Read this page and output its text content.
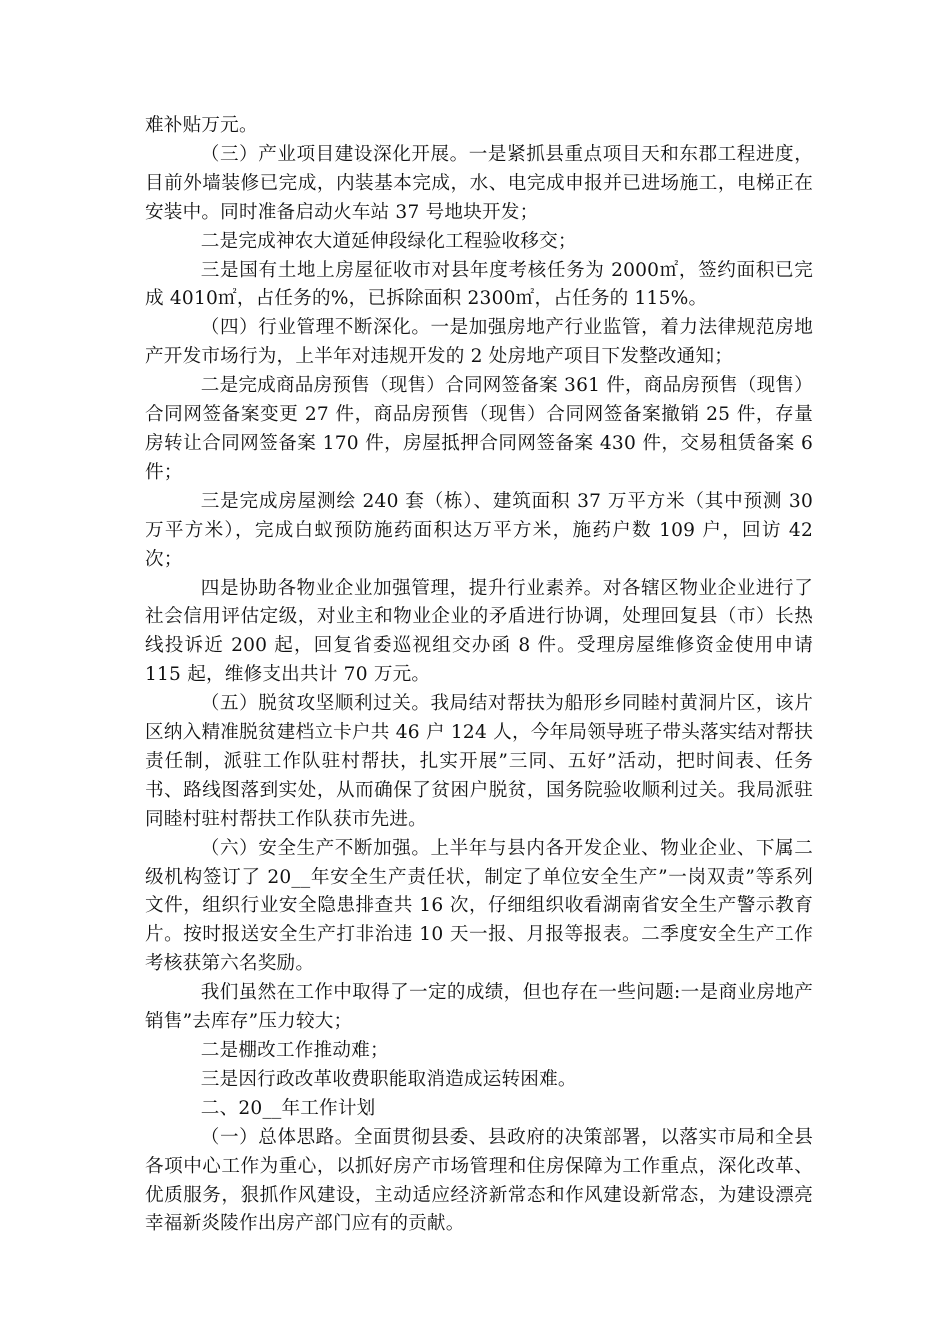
难补贴万元。

（三）产业项目建设深化开展。一是紧抓县重点项目天和东郡工程进度，目前外墙装修已完成，内装基本完成，水、电完成申报并已进场施工，电梯正在安装中。同时准备启动火车站 37 号地块开发；

二是完成神农大道延伸段绿化工程验收移交；

三是国有土地上房屋征收市对县年度考核任务为 2000㎡，签约面积已完成 4010㎡，占任务的%，已拆除面积 2300㎡，占任务的 115%。

（四）行业管理不断深化。一是加强房地产行业监管，着力法律规范房地产开发市场行为，上半年对违规开发的 2 处房地产项目下发整改通知；

二是完成商品房预售（现售）合同网签备案 361 件，商品房预售（现售）合同网签备案变更 27 件，商品房预售（现售）合同网签备案撤销 25 件，存量房转让合同网签备案 170 件，房屋抵押合同网签备案 430 件，交易租赁备案 6 件；

三是完成房屋测绘 240 套（栋）、建筑面积 37 万平方米（其中预测 30 万平方米），完成白蚁预防施药面积达万平方米，施药户数 109 户，回访 42 次；

四是协助各物业企业加强管理，提升行业素养。对各辖区物业企业进行了社会信用评估定级，对业主和物业企业的矛盾进行协调，处理回复县（市）长热线投诉近 200 起，回复省委巡视组交办函 8 件。受理房屋维修资金使用申请 115 起，维修支出共计 70 万元。

（五）脱贫攻坚顺利过关。我局结对帮扶为船形乡同睦村黄洞片区，该片区纳入精准脱贫建档立卡户共 46 户 124 人，今年局领导班子带头落实结对帮扶责任制，派驻工作队驻村帮扶，扎实开展”三同、五好”活动，把时间表、任务书、路线图落到实处，从而确保了贫困户脱贫，国务院验收顺利过关。我局派驻同睦村驻村帮扶工作队获市先进。

（六）安全生产不断加强。上半年与县内各开发企业、物业企业、下属二级机构签订了 20__年安全生产责任状，制定了单位安全生产”一岗双责”等系列文件，组织行业安全隐患排查共 16 次，仔细组织收看湖南省安全生产警示教育片。按时报送安全生产打非治违 10 天一报、月报等报表。二季度安全生产工作考核获第六名奖励。

我们虽然在工作中取得了一定的成绩，但也存在一些问题:一是商业房地产销售”去库存”压力较大；

二是棚改工作推动难；

三是因行政改革收费职能取消造成运转困难。

二、20__年工作计划

（一）总体思路。全面贯彻县委、县政府的决策部署，以落实市局和全县各项中心工作为重心，以抓好房产市场管理和住房保障为工作重点，深化改革、优质服务，狠抓作风建设，主动适应经济新常态和作风建设新常态，为建设漂亮幸福新炎陵作出房产部门应有的贡献。
